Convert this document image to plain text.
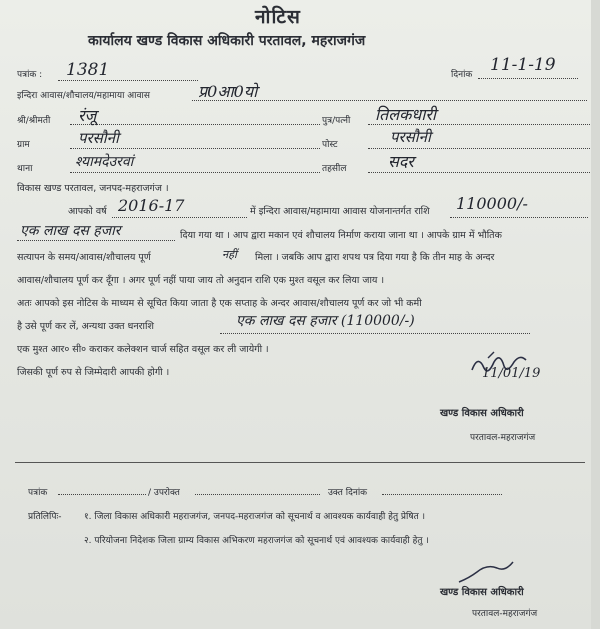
नोटिस
कार्यालय खण्ड विकास अधिकारी परतावल, महराजगंज
पत्रांक : 1381	दिनांक 11-1-19
इन्दिरा आवास/शौचालय/महामाया आवास	प्र0आ0यो
श्री/श्रीमती रंजू	पुत्र/पत्नी तिलकधारी
ग्राम	परसौनी	पोस्ट	परसौनी
थाना	श्यामदेउरवां	तहसील	सदर
विकास खण्ड परतावल, जनपद-महराजगंज ।
आपको वर्ष 2016-17	में इन्दिरा आवास/महामाया आवास योजनान्तर्गत राशि 110000/-
एक लाख दस हजार	दिया गया था । आप द्वारा मकान एवं शौचालय निर्माण कराया जाना था । आपके ग्राम में भौतिक
सत्यापन के समय/आवास/शौचालय पूर्ण	नहीं मिला । जबकि आप द्वारा शपथ पत्र दिया गया है कि तीन माह के अन्दर
आवास/शौचालय पूर्ण कर दूँगा । अगर पूर्ण नहीं पाया जाय तो अनुदान राशि एक मुश्त वसूल कर लिया जाय ।
अतः आपको इस नोटिस के माध्यम से सूचित किया जाता है एक सप्ताह के अन्दर आवास/शौचालय पूर्ण कर जो भी कमी
है उसे पूर्ण कर लें, अन्यथा उक्त धनराशि	एक लाख दस हजार (110000/-)
एक मुश्त आर० सी० कराकर कलेक्शन चार्ज सहित वसूल कर ली जायेगी ।
जिसकी पूर्ण रुप से जिम्मेदारी आपकी होगी ।	11/01/19
खण्ड विकास अधिकारी
परतावल-महराजगंज
पत्रांक	/ उपरोक्त	उक्त दिनांक
प्रतिलिपिः- १. जिला विकास अधिकारी महराजगंज, जनपद-महराजगंज को सूचनार्थ व आवश्यक कार्यवाही हेतु प्रेषित ।
२. परियोजना निदेशक जिला ग्राम्य विकास अभिकरण महराजगंज को सूचनार्थ एवं आवश्यक कार्यवाही हेतु ।
खण्ड विकास अधिकारी
परतावल-महराजगंज
